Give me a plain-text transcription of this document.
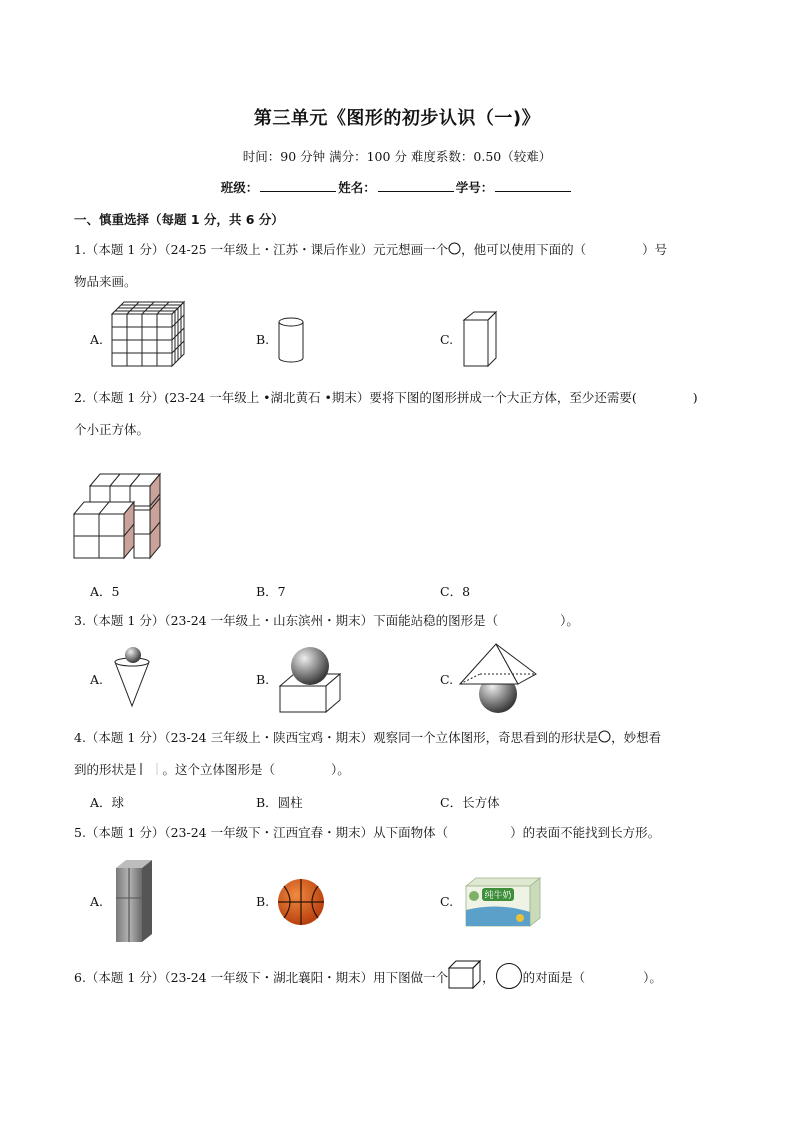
第三单元《图形的初步认识（一)》
时间：90 分钟 满分：100 分 难度系数：0.50（较难）
班级：	姓名：	学号：
一、慎重选择（每题 1 分，共 6 分）
1.（本题 1 分）（24-25 一年级上・江苏・课后作业）元元想画一个 ，他可以使用下面的（	）号
物品来画。
A.	B.	C.
2.（本题 1 分）(23-24 一年级上 •湖北黄石 •期末）要将下图的图形拼成一个大正方体，至少还需要(	)
个小正方体。
A．5	B．7	C．8
3.（本题 1 分）（23-24 一年级上・山东滨州・期末）下面能站稳的图形是（	）。
A.	B.	C.
4.（本题 1 分）（23-24 三年级上・陕西宝鸡・期末）观察同一个立体图形，奇思看到的形状是 ，妙想看
到的形状是 。这个立体图形是（	）。
A．球	B．圆柱	C．长方体
5.（本题 1 分）（23-24 一年级下・江西宜春・期末）从下面物体（	）的表面不能找到长方形。
A.	B.	C.	纯牛奶
6.（本题 1 分）（23-24 一年级下・湖北襄阳・期末）用下图做一个	， 的对面是（	）。
